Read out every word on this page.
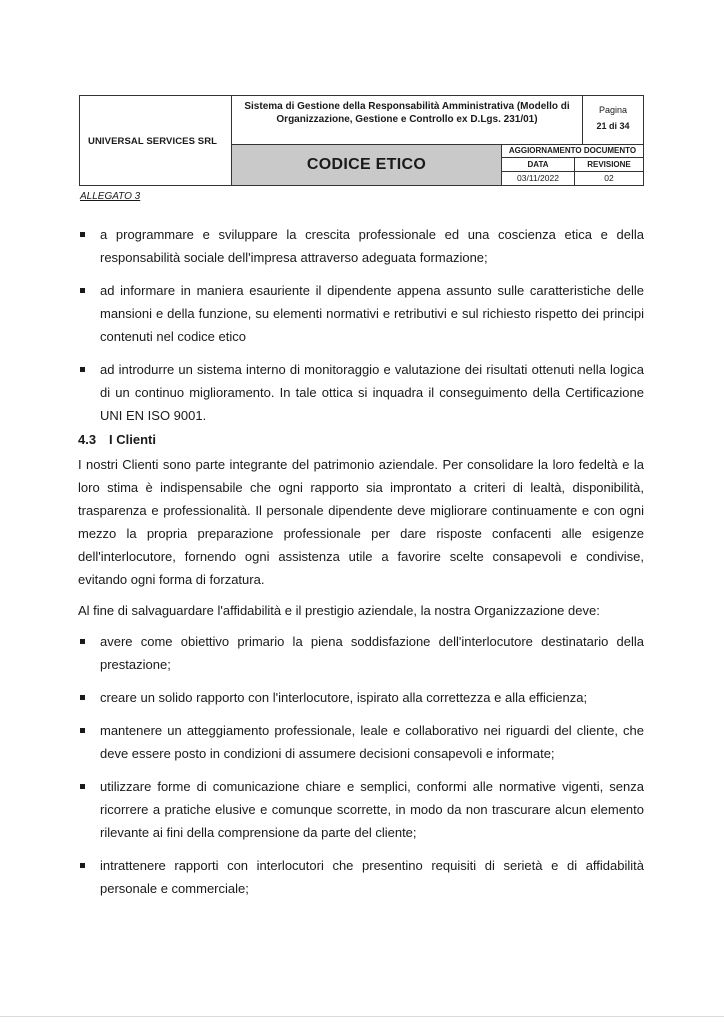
UNIVERSAL SERVICES SRL
Sistema di Gestione della Responsabilità Amministrativa (Modello di Organizzazione, Gestione e Controllo ex D.Lgs. 231/01)
Pagina
21 di 34
CODICE ETICO
AGGIORNAMENTO DOCUMENTO
DATA	REVISIONE
03/11/2022	02
ALLEGATO 3
a programmare e sviluppare la crescita professionale ed una coscienza etica e della responsabilità sociale dell'impresa attraverso adeguata formazione;
ad informare in maniera esauriente il dipendente appena assunto sulle caratteristiche delle mansioni e della funzione, su elementi normativi e retributivi e sul richiesto rispetto dei principi contenuti nel codice etico
ad introdurre un sistema interno di monitoraggio e valutazione dei risultati ottenuti nella logica di un continuo miglioramento. In tale ottica si inquadra il conseguimento della Certificazione UNI EN ISO 9001.
4.3 I Clienti

I nostri Clienti sono parte integrante del patrimonio aziendale. Per consolidare la loro fedeltà e la loro stima è indispensabile che ogni rapporto sia improntato a criteri di lealtà, disponibilità, trasparenza e professionalità. Il personale dipendente deve migliorare continuamente e con ogni mezzo la propria preparazione professionale per dare risposte confacenti alle esigenze dell'interlocutore, fornendo ogni assistenza utile a favorire scelte consapevoli e condivise, evitando ogni forma di forzatura.

Al fine di salvaguardare l'affidabilità e il prestigio aziendale, la nostra Organizzazione deve:

avere come obiettivo primario la piena soddisfazione dell'interlocutore destinatario della prestazione;
creare un solido rapporto con l'interlocutore, ispirato alla correttezza e alla efficienza;
mantenere un atteggiamento professionale, leale e collaborativo nei riguardi del cliente, che deve essere posto in condizioni di assumere decisioni consapevoli e informate;
utilizzare forme di comunicazione chiare e semplici, conformi alle normative vigenti, senza ricorrere a pratiche elusive e comunque scorrette, in modo da non trascurare alcun elemento rilevante ai fini della comprensione da parte del cliente;
intrattenere rapporti con interlocutori che presentino requisiti di serietà e di affidabilità personale e commerciale;
